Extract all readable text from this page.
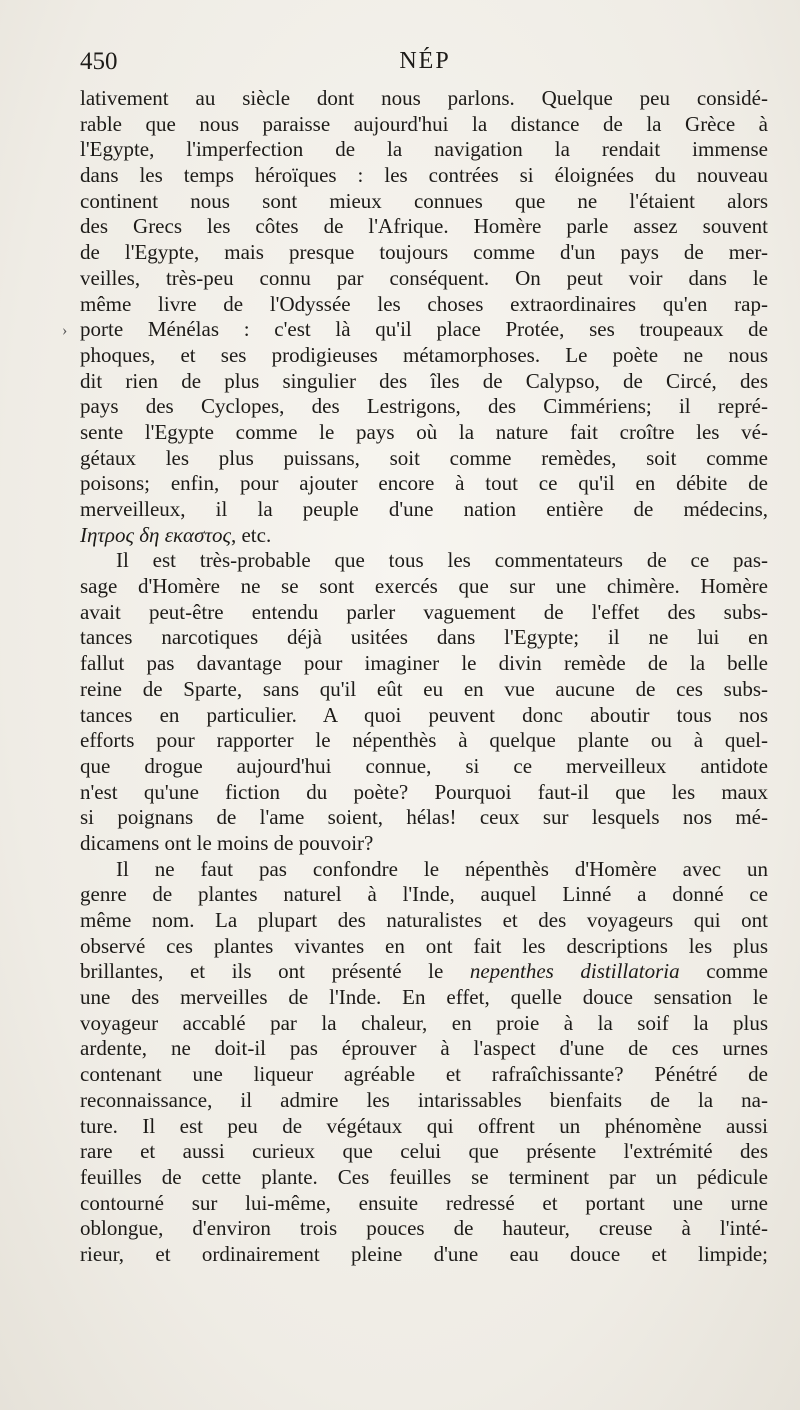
450	NÉP
›
lativement au siècle dont nous parlons. Quelque peu considé-
rable que nous paraisse aujourd'hui la distance de la Grèce à
l'Egypte, l'imperfection de la navigation la rendait immense
dans les temps héroïques : les contrées si éloignées du nouveau
continent nous sont mieux connues que ne l'étaient alors
des Grecs les côtes de l'Afrique. Homère parle assez souvent
de l'Egypte, mais presque toujours comme d'un pays de mer-
veilles, très-peu connu par conséquent. On peut voir dans le
même livre de l'Odyssée les choses extraordinaires qu'en rap-
porte Ménélas : c'est là qu'il place Protée, ses troupeaux de
phoques, et ses prodigieuses métamorphoses. Le poète ne nous
dit rien de plus singulier des îles de Calypso, de Circé, des
pays des Cyclopes, des Lestrigons, des Cimmériens; il repré-
sente l'Egypte comme le pays où la nature fait croître les vé-
gétaux les plus puissans, soit comme remèdes, soit comme
poisons; enfin, pour ajouter encore à tout ce qu'il en débite de
merveilleux, il la peuple d'une nation entière de médecins,
Ιητρος δη εκαστος, etc.
Il est très-probable que tous les commentateurs de ce pas-
sage d'Homère ne se sont exercés que sur une chimère. Homère
avait peut-être entendu parler vaguement de l'effet des subs-
tances narcotiques déjà usitées dans l'Egypte; il ne lui en
fallut pas davantage pour imaginer le divin remède de la belle
reine de Sparte, sans qu'il eût eu en vue aucune de ces subs-
tances en particulier. A quoi peuvent donc aboutir tous nos
efforts pour rapporter le népenthès à quelque plante ou à quel-
que drogue aujourd'hui connue, si ce merveilleux antidote
n'est qu'une fiction du poète? Pourquoi faut-il que les maux
si poignans de l'ame soient, hélas! ceux sur lesquels nos mé-
dicamens ont le moins de pouvoir?
Il ne faut pas confondre le népenthès d'Homère avec un
genre de plantes naturel à l'Inde, auquel Linné a donné ce
même nom. La plupart des naturalistes et des voyageurs qui ont
observé ces plantes vivantes en ont fait les descriptions les plus
brillantes, et ils ont présenté le nepenthes distillatoria comme
une des merveilles de l'Inde. En effet, quelle douce sensation le
voyageur accablé par la chaleur, en proie à la soif la plus
ardente, ne doit-il pas éprouver à l'aspect d'une de ces urnes
contenant une liqueur agréable et rafraîchissante? Pénétré de
reconnaissance, il admire les intarissables bienfaits de la na-
ture. Il est peu de végétaux qui offrent un phénomène aussi
rare et aussi curieux que celui que présente l'extrémité des
feuilles de cette plante. Ces feuilles se terminent par un pédicule
contourné sur lui-même, ensuite redressé et portant une urne
oblongue, d'environ trois pouces de hauteur, creuse à l'inté-
rieur, et ordinairement pleine d'une eau douce et limpide;
